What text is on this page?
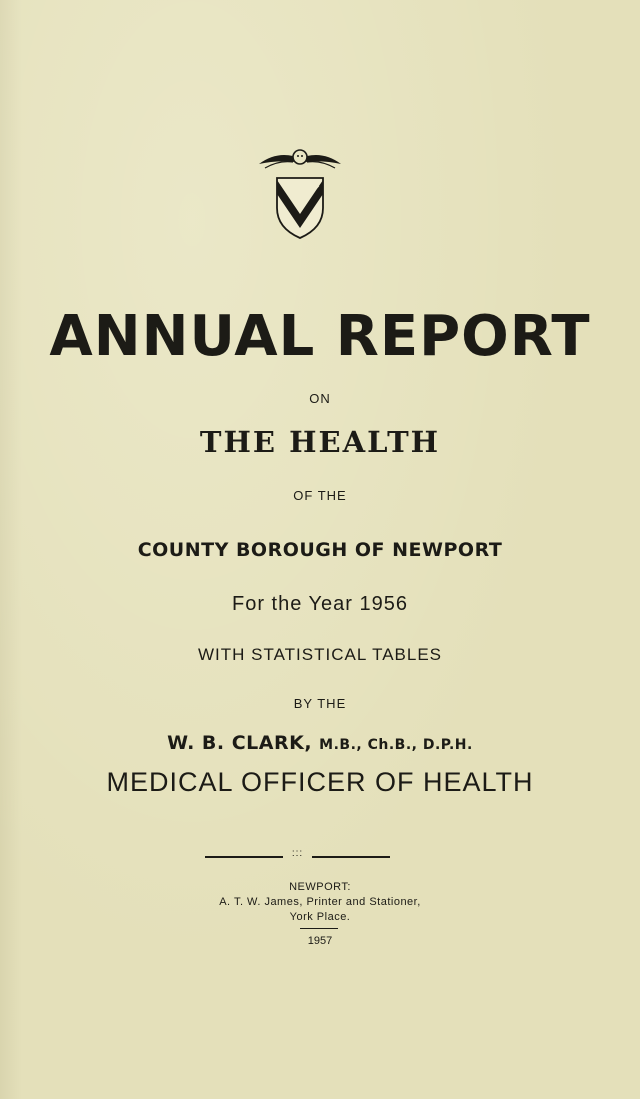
ANNUAL REPORT
ON
THE HEALTH
OF THE
COUNTY BOROUGH OF NEWPORT
For the Year 1956
WITH STATISTICAL TABLES
BY THE
W. B. CLARK, M.B., Ch.B., D.P.H.
MEDICAL OFFICER OF HEALTH
:::
NEWPORT:
A. T. W. James, Printer and Stationer,
York Place.
1957
